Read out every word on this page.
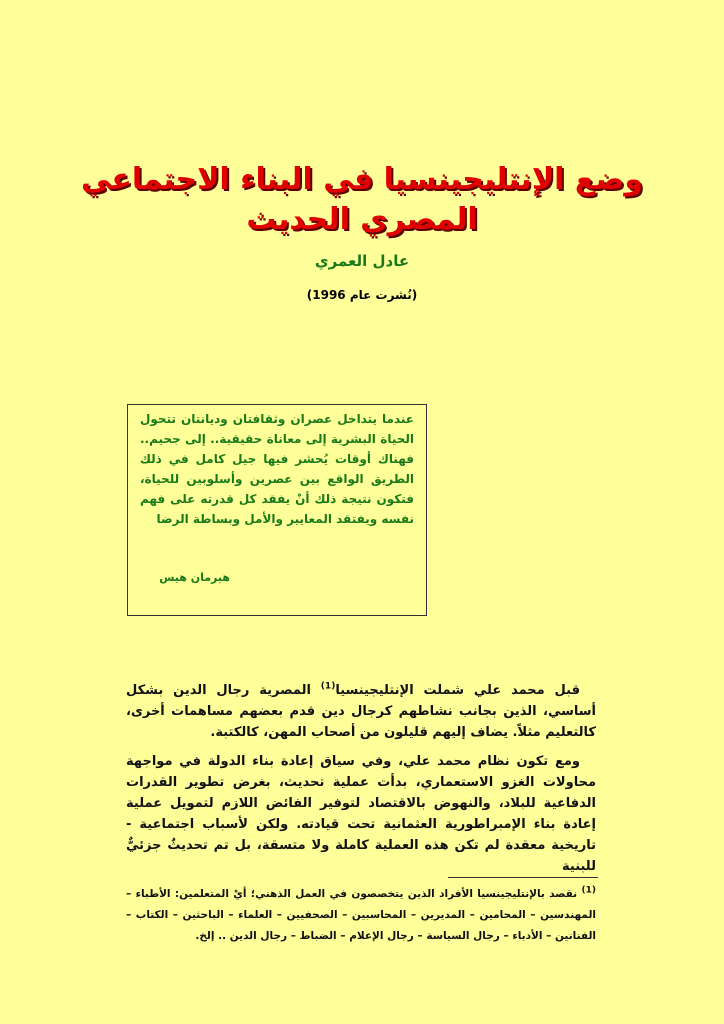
وضع الإنتليجينسيا في البناء الاجتماعي
المصري الحديث

عادل العمري

(نُشرت عام 1996)

عندما يتداخل عصران وثقافتان وديانتان تتحول الحياة البشرية إلى معاناة حقيقية.. إلى جحيم.. فهناك أوقات يُحشر فيها جيل كامل في ذلك الطريق الواقع بين عصرين وأسلوبين للحياة، فتكون نتيجة ذلك أنْ يفقد كل قدرته على فهم نفسه ويفتقد المعايير والأمل وبساطة الرضا

هيرمان هيس

قبل محمد علي شملت الإنتليجينسيا$^{(1)}$ المصرية رجال الدين بشكل أساسي، الذين بجانب نشاطهم كرجال دين قدم بعضهم مساهمات أخرى، كالتعليم مثلاً. يضاف إليهم قليلون من أصحاب المهن، كالكتبة.

ومع تكون نظام محمد علي، وفي سياق إعادة بناء الدولة في مواجهة محاولات الغزو الاستعماري، بدأت عملية تحديث، بغرض تطوير القدرات الدفاعية للبلاد، والنهوض بالاقتصاد لتوفير الفائض اللازم لتمويل عملية إعادة بناء الإمبراطورية العثمانية تحت قيادته. ولكن لأسباب اجتماعية - تاريخية معقدة لم تكن هذه العملية كاملة ولا متسقة، بل تم تحديثٌ جزئيٌّ للبنية

$^{(1)}$ نقصد بالإنتليجينسيا الأفراد الذين يتخصصون في العمل الذهني؛ أيْ المتعلمين: الأطباء – المهندسين – المحامين – المديرين – المحاسبين – الصحفيين – العلماء – الباحثين – الكتاب – الفنانين – الأدباء – رجال السياسة – رجال الإعلام – الضباط – رجال الدين .. إلخ.
